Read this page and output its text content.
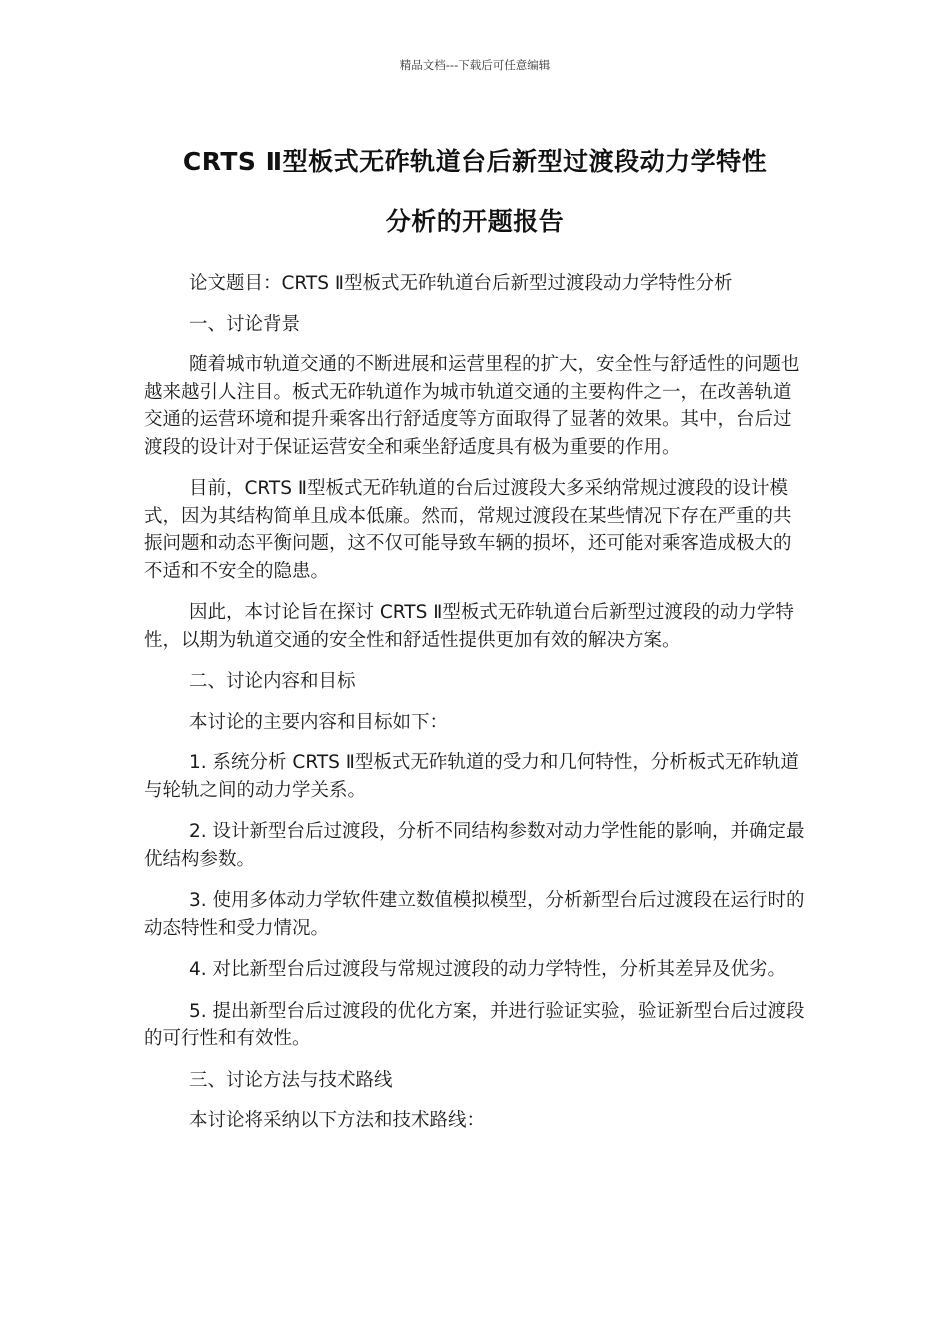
精品文档---下载后可任意编辑
CRTS Ⅱ型板式无砟轨道台后新型过渡段动力学特性
分析的开题报告

论文题目：CRTS Ⅱ型板式无砟轨道台后新型过渡段动力学特性分析

一、讨论背景

随着城市轨道交通的不断进展和运营里程的扩大，安全性与舒适性的问题也越来越引人注目。板式无砟轨道作为城市轨道交通的主要构件之一，在改善轨道交通的运营环境和提升乘客出行舒适度等方面取得了显著的效果。其中，台后过渡段的设计对于保证运营安全和乘坐舒适度具有极为重要的作用。

目前，CRTS Ⅱ型板式无砟轨道的台后过渡段大多采纳常规过渡段的设计模式，因为其结构简单且成本低廉。然而，常规过渡段在某些情况下存在严重的共振问题和动态平衡问题，这不仅可能导致车辆的损坏，还可能对乘客造成极大的不适和不安全的隐患。

因此，本讨论旨在探讨 CRTS Ⅱ型板式无砟轨道台后新型过渡段的动力学特性，以期为轨道交通的安全性和舒适性提供更加有效的解决方案。

二、讨论内容和目标

本讨论的主要内容和目标如下：

1. 系统分析 CRTS Ⅱ型板式无砟轨道的受力和几何特性，分析板式无砟轨道与轮轨之间的动力学关系。

2. 设计新型台后过渡段，分析不同结构参数对动力学性能的影响，并确定最优结构参数。

3. 使用多体动力学软件建立数值模拟模型，分析新型台后过渡段在运行时的动态特性和受力情况。

4. 对比新型台后过渡段与常规过渡段的动力学特性，分析其差异及优劣。

5. 提出新型台后过渡段的优化方案，并进行验证实验，验证新型台后过渡段的可行性和有效性。

三、讨论方法与技术路线

本讨论将采纳以下方法和技术路线：
